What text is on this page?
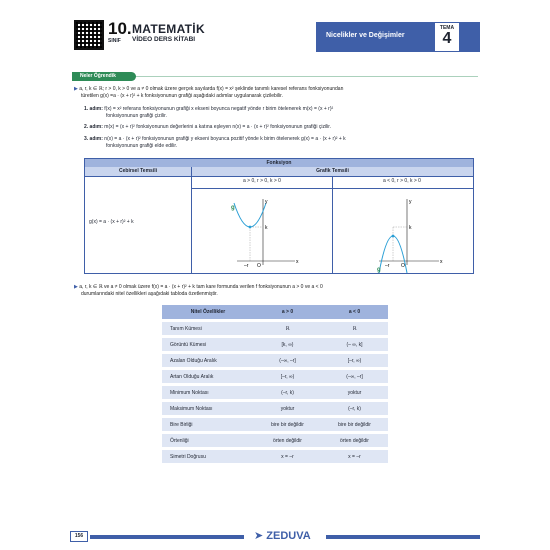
10.
SINIF
MATEMATİK
VİDEO DERS KİTABI
Nicelikler ve Değişimler
TEMA
4
Neler Öğrendik
▶ a, r, k ∈ ℝ; r > 0, k > 0 ve a ≠ 0 olmak üzere gerçek sayılarda f(x) = x² şeklinde tanımlı karesel referans fonksiyonundan
türetilen g(x) =a · (x + r)² + k fonksiyonunun grafiği aşağıdaki adımlar uygulanarak çizilebilir.
1. adım: f(x) = x² referans fonksiyonunun grafiği x ekseni boyunca negatif yönde r birim ötelenerek m(x) = (x + r)²
fonksiyonunun grafiği çizilir.
2. adım: m(x) = (x + r)² fonksiyonunun değerlerini a katına eşleyen n(x) = a · (x + r)² fonksiyonunun grafiği çizilir.
3. adım: n(x) = a · (x + r)² fonksiyonunun grafiği y ekseni boyunca pozitif yönde k birim ötelenerek g(x) = a · (x + r)² + k
fonksiyonunun grafiği elde edilir.
Fonksiyon
Cebirsel Temsili	Grafik Temsili
a > 0, r > 0, k > 0	a < 0, r > 0, k > 0
g(x) = a · (x + r)² + k
g
y
x
k
–r O
g
y
x
k
–r O
▶ a, r, k ∈ ℝ ve a ≠ 0 olmak üzere f(x) = a · (x + r)² + k tam kare formunda verilen f fonksiyonunun a > 0 ve a < 0
durumlarındaki nitel özellikleri aşağıdaki tabloda özetlenmiştir.
Nitel Özellikler	a > 0	a < 0
Tanım Kümesi	ℝ	ℝ
Görüntü Kümesi	[k, ∞)	(– ∞, k]
Azalan Olduğu Aralık	(–∞, –r]	[–r, ∞)
Artan Olduğu Aralık	[–r, ∞)	(–∞, –r]
Minimum Noktası	(–r, k)	yoktur
Maksimum Noktası	yoktur	(–r, k)
Bire Birliği	bire bir değildir	bire bir değildir
Örtenliği	örten değildir	örten değildir
Simetri Doğrusu	x = –r	x = –r
156	➤ ZEDUVA
